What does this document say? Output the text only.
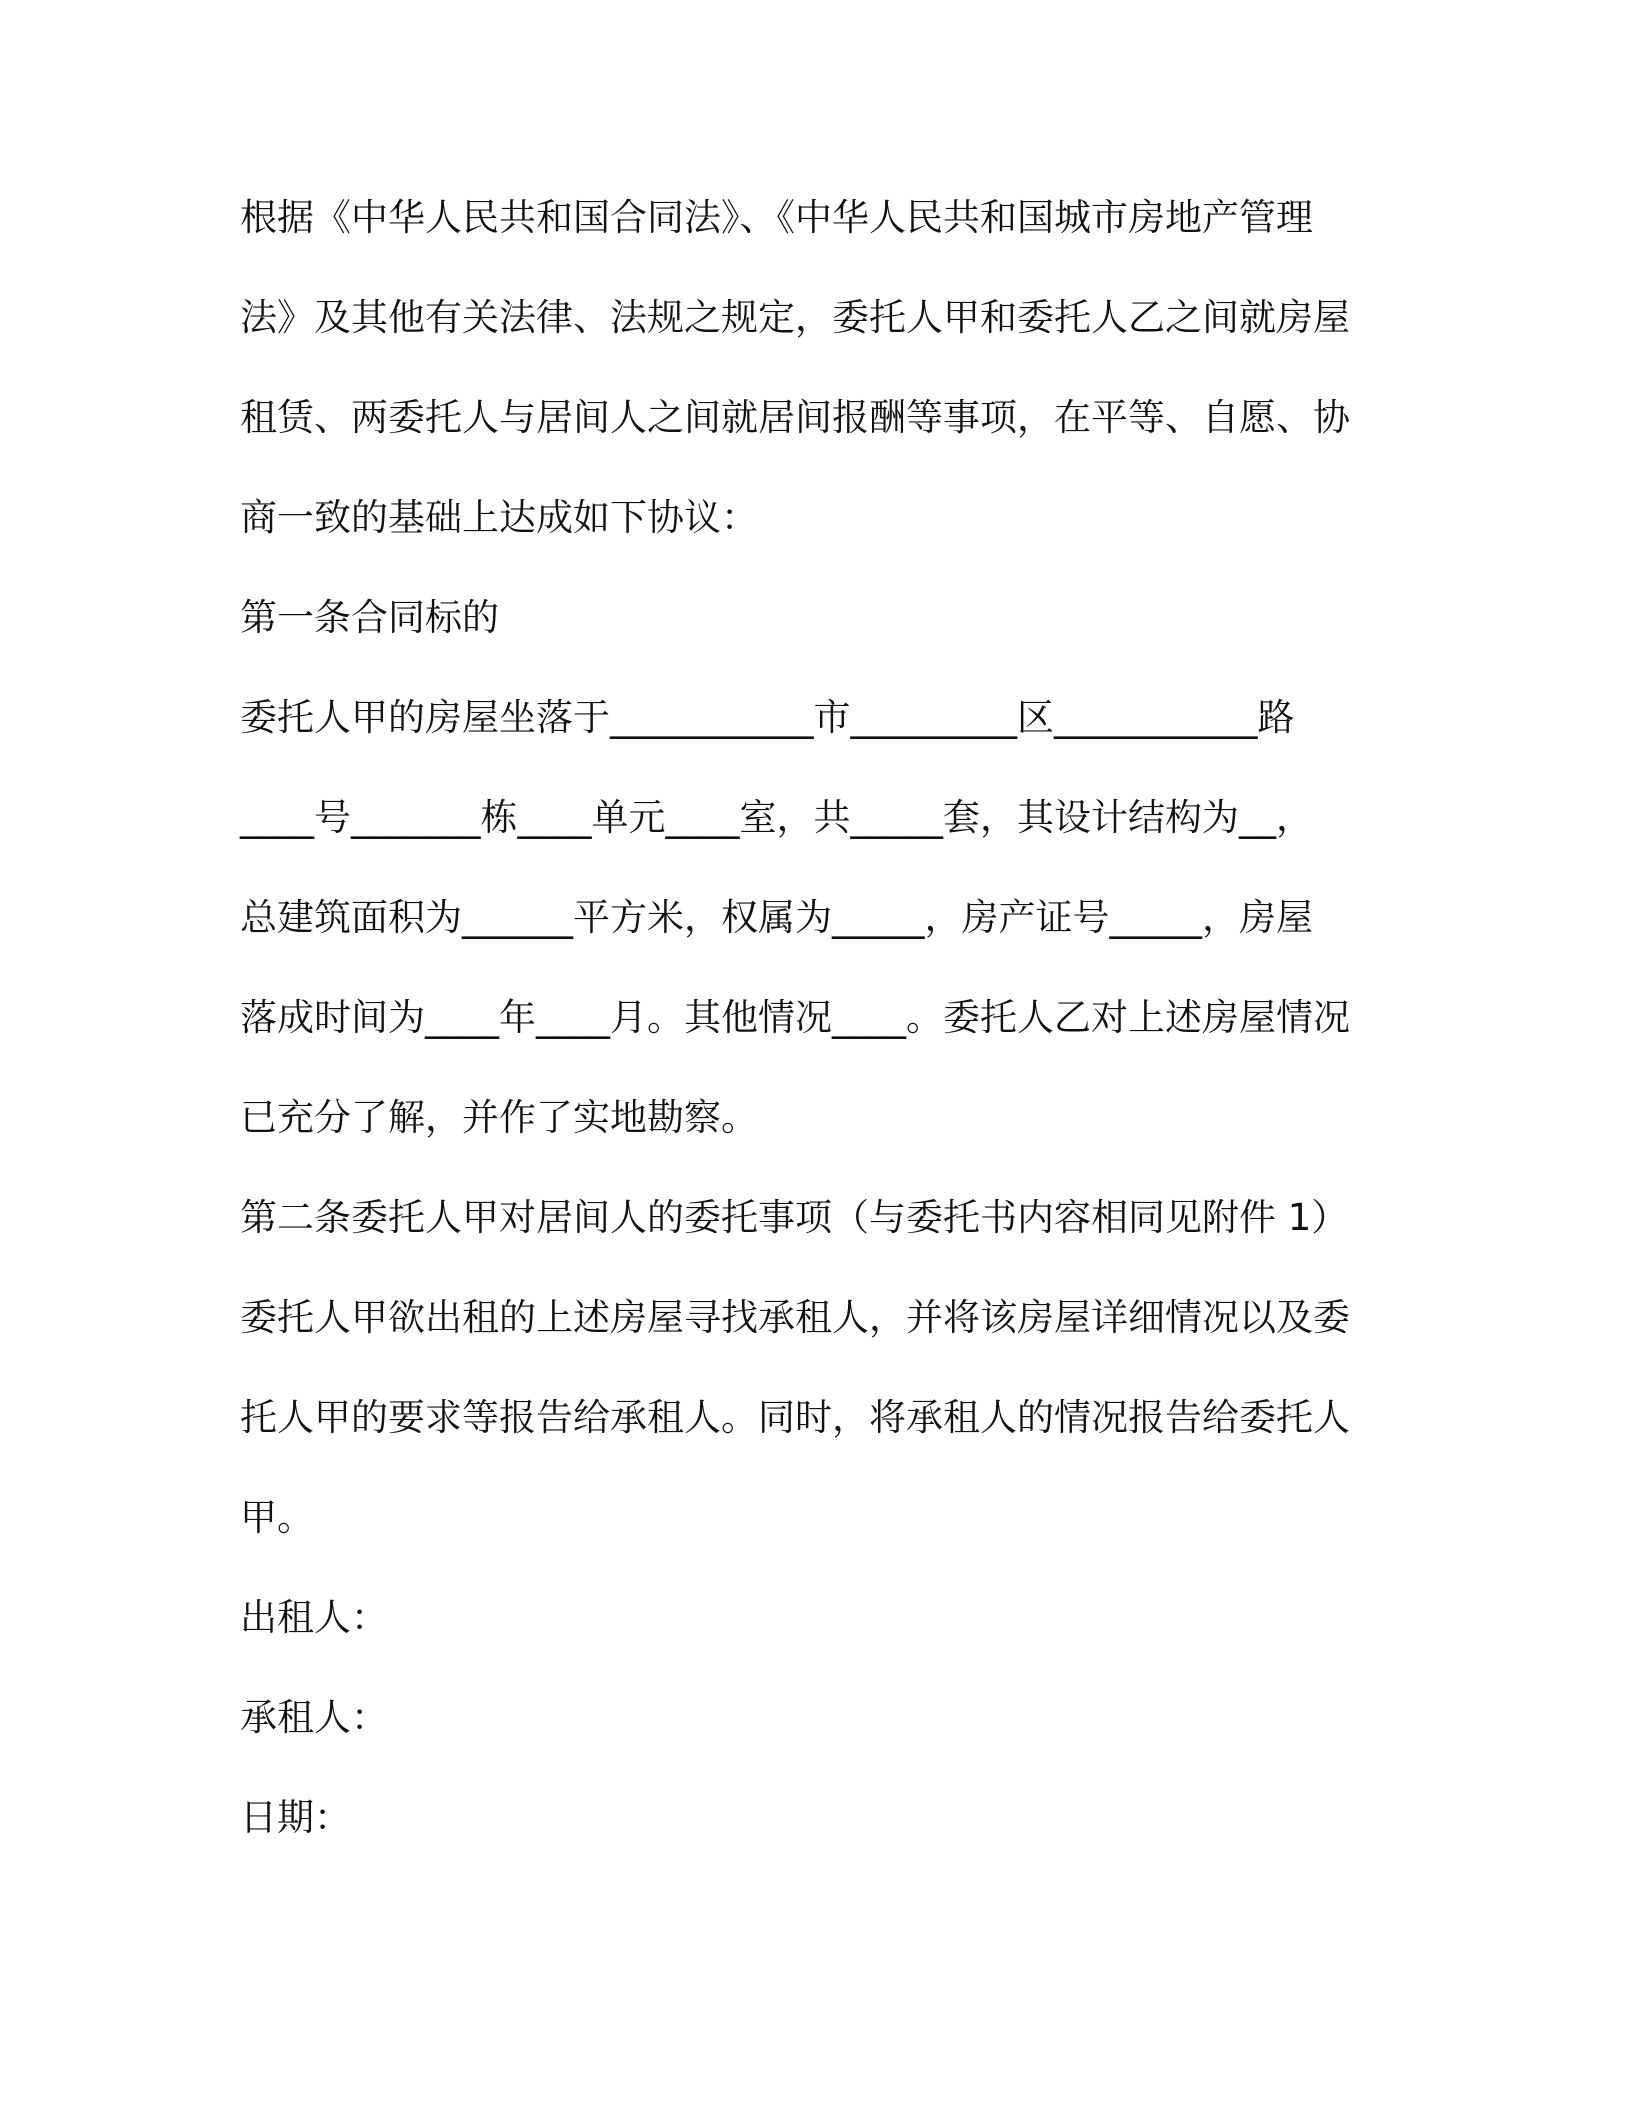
根据《中华人民共和国合同法》、《中华人民共和国城市房地产管理

法》及其他有关法律、法规之规定，委托人甲和委托人乙之间就房屋

租赁、两委托人与居间人之间就居间报酬等事项，在平等、自愿、协

商一致的基础上达成如下协议：

第一条合同标的

委托人甲的房屋坐落于___________市_________区___________路

____号_______栋____单元____室，共_____套，其设计结构为__，

总建筑面积为______平方米，权属为_____，房产证号_____，房屋

落成时间为____年____月。其他情况____。委托人乙对上述房屋情况

已充分了解，并作了实地勘察。

第二条委托人甲对居间人的委托事项（与委托书内容相同见附件 1）

委托人甲欲出租的上述房屋寻找承租人，并将该房屋详细情况以及委

托人甲的要求等报告给承租人。同时，将承租人的情况报告给委托人

甲。

出租人：

承租人：

日期：
